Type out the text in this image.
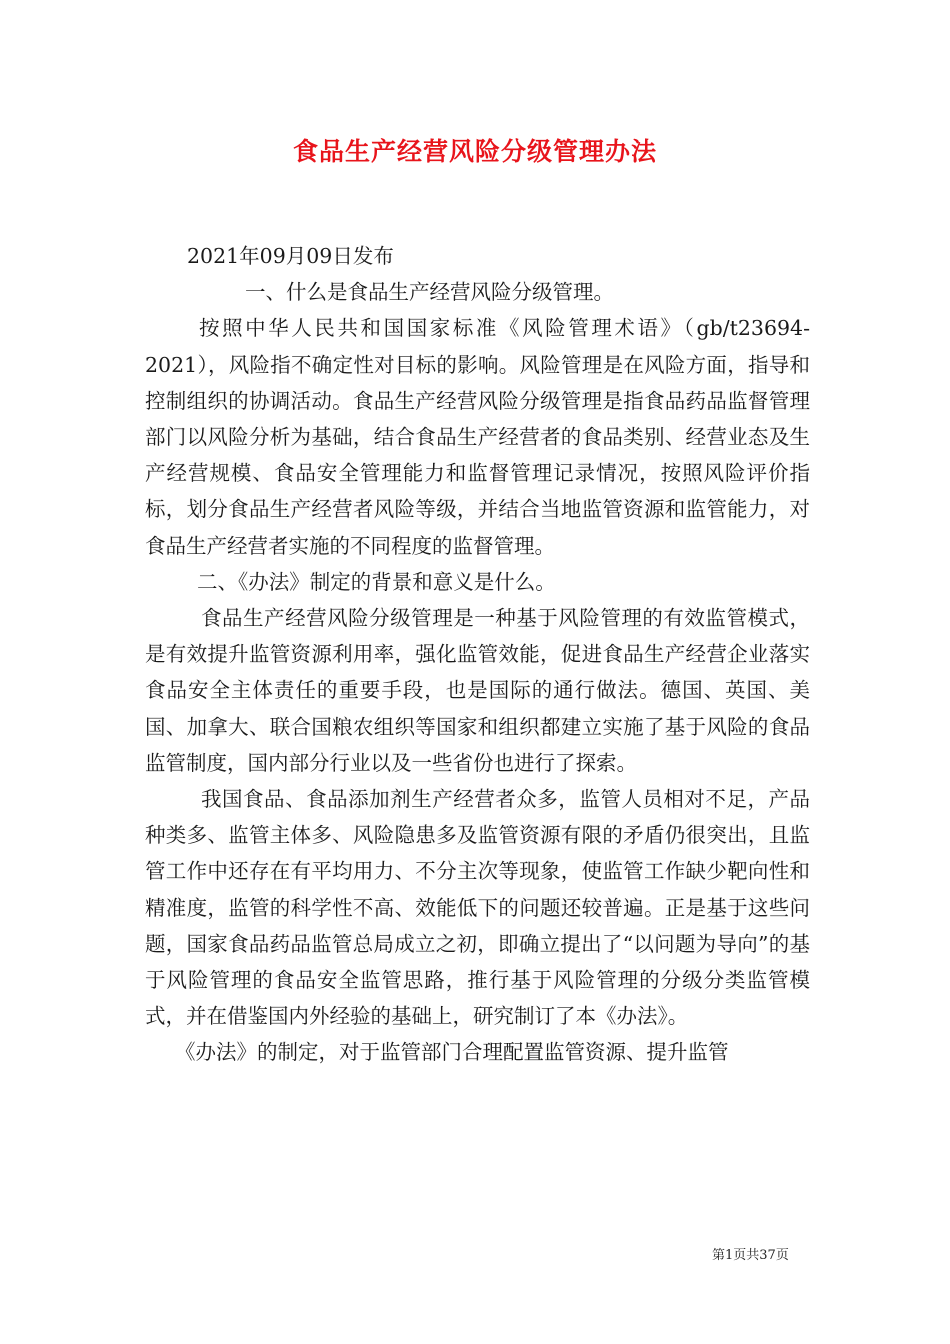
食品生产经营风险分级管理办法

2021年09月09日发布

一、什么是食品生产经营风险分级管理。

按照中华人民共和国国家标准《风险管理术语》（gb/t23694-2021），风险指不确定性对目标的影响。风险管理是在风险方面，指导和控制组织的协调活动。食品生产经营风险分级管理是指食品药品监督管理部门以风险分析为基础，结合食品生产经营者的食品类别、经营业态及生产经营规模、食品安全管理能力和监督管理记录情况，按照风险评价指标，划分食品生产经营者风险等级，并结合当地监管资源和监管能力，对食品生产经营者实施的不同程度的监督管理。

二、《办法》制定的背景和意义是什么。

食品生产经营风险分级管理是一种基于风险管理的有效监管模式，是有效提升监管资源利用率，强化监管效能，促进食品生产经营企业落实食品安全主体责任的重要手段，也是国际的通行做法。德国、英国、美国、加拿大、联合国粮农组织等国家和组织都建立实施了基于风险的食品监管制度，国内部分行业以及一些省份也进行了探索。

我国食品、食品添加剂生产经营者众多，监管人员相对不足，产品种类多、监管主体多、风险隐患多及监管资源有限的矛盾仍很突出，且监管工作中还存在有平均用力、不分主次等现象，使监管工作缺少靶向性和精准度，监管的科学性不高、效能低下的问题还较普遍。正是基于这些问题，国家食品药品监管总局成立之初，即确立提出了“以问题为导向”的基于风险管理的食品安全监管思路，推行基于风险管理的分级分类监管模式，并在借鉴国内外经验的基础上，研究制订了本《办法》。

《办法》的制定，对于监管部门合理配置监管资源、提升监管

第1页共37页
